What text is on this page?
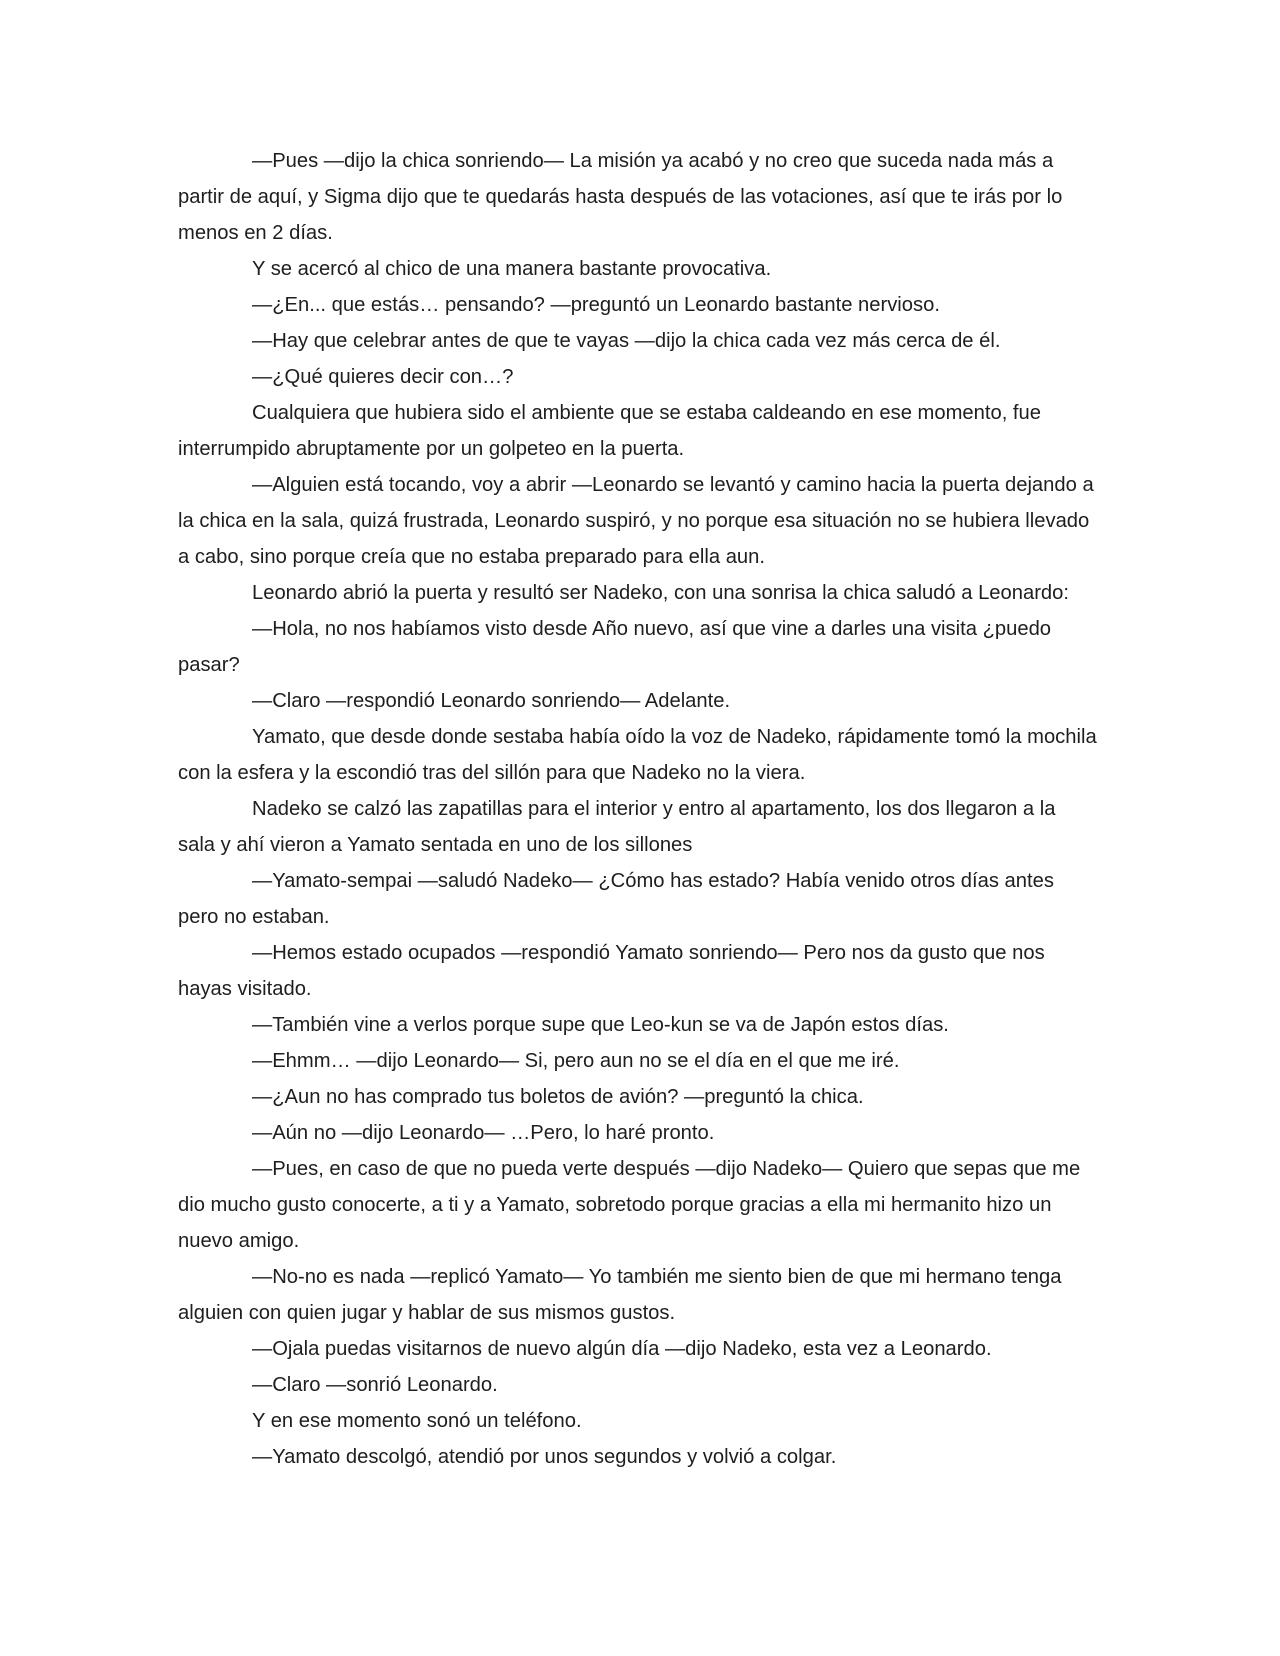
—Pues —dijo la chica sonriendo— La misión ya acabó y no creo que suceda nada más a partir de aquí, y Sigma dijo que te quedarás hasta después de las votaciones, así que te irás por lo menos en 2 días.

Y se acercó al chico de una manera bastante provocativa.

—¿En... que estás… pensando? —preguntó un Leonardo bastante nervioso.

—Hay que celebrar antes de que te vayas —dijo la chica cada vez más cerca de él.

—¿Qué quieres decir con…?

Cualquiera que hubiera sido el ambiente que se estaba caldeando en ese momento, fue interrumpido abruptamente por un golpeteo en la puerta.

—Alguien está tocando, voy a abrir —Leonardo se levantó y camino hacia la puerta dejando a la chica en la sala, quizá frustrada, Leonardo suspiró, y no porque esa situación no se hubiera llevado a cabo, sino porque creía que no estaba preparado para ella aun.

Leonardo abrió la puerta y resultó ser Nadeko, con una sonrisa la chica saludó a Leonardo:

—Hola, no nos habíamos visto desde Año nuevo, así que vine a darles una visita ¿puedo pasar?

—Claro —respondió Leonardo sonriendo— Adelante.

Yamato, que desde donde sestaba había oído la voz de Nadeko, rápidamente tomó la mochila con la esfera y la escondió tras del sillón para que Nadeko no la viera.

Nadeko se calzó las zapatillas para el interior y entro al apartamento, los dos llegaron a la sala y ahí vieron a Yamato sentada en uno de los sillones

—Yamato-sempai —saludó Nadeko— ¿Cómo has estado? Había venido otros días antes pero no estaban.

—Hemos estado ocupados —respondió Yamato sonriendo— Pero nos da gusto que nos hayas visitado.

—También vine a verlos porque supe que Leo-kun se va de Japón estos días.

—Ehmm… —dijo Leonardo— Si, pero aun no se el día en el que me iré.

—¿Aun no has comprado tus boletos de avión? —preguntó la chica.

—Aún no —dijo Leonardo— …Pero, lo haré pronto.

—Pues, en caso de que no pueda verte después —dijo Nadeko— Quiero que sepas que me dio mucho gusto conocerte, a ti y a Yamato, sobretodo porque gracias a ella mi hermanito hizo un nuevo amigo.

—No-no es nada —replicó Yamato— Yo también me siento bien de que mi hermano tenga alguien con quien jugar y hablar de sus mismos gustos.

—Ojala puedas visitarnos de nuevo algún día —dijo Nadeko, esta vez a Leonardo.

—Claro —sonrió Leonardo.

Y en ese momento sonó un teléfono.

—Yamato descolgó, atendió por unos segundos y volvió a colgar.
